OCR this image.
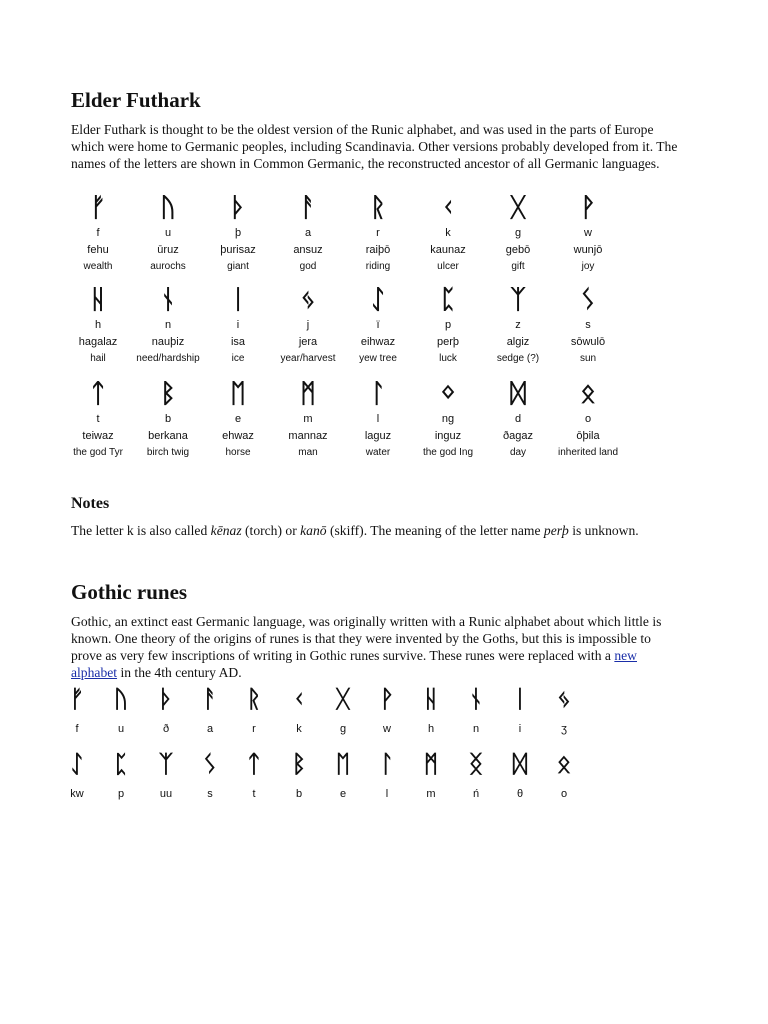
Elder Futhark

Elder Futhark is thought to be the oldest version of the Runic alphabet, and was used in the parts of Europe which were home to Germanic peoples, including Scandinavia. Other versions probably developed from it. The names of the letters are shown in Common Germanic, the reconstructed ancestor of all Germanic languages.

ᚠ
f
fehu
wealth
ᚢ
u
ūruz
aurochs
ᚦ
þ
þurisaz
giant
ᚨ
a
ansuz
god
ᚱ
r
raiþō
riding
ᚲ
k
kaunaz
ulcer
ᚷ
g
gebō
gift
ᚹ
w
wunjō
joy
ᚺ
h
hagalaz
hail
ᚾ
n
nauþiz
need/hardship
ᛁ
i
isa
ice
ᛃ
j
jera
year/harvest
ᛇ
ï
eihwaz
yew tree
ᛈ
p
perþ
luck
ᛉ
z
algiz
sedge (?)
ᛊ
s
sōwulō
sun
ᛏ
t
teiwaz
the god Tyr
ᛒ
b
berkana
birch twig
ᛖ
e
ehwaz
horse
ᛗ
m
mannaz
man
ᛚ
l
laguz
water
ᛜ
ng
inguz
the god Ing
ᛞ
d
ðagaz
day
ᛟ
o
ōþila
inherited land
Notes

The letter k is also called kēnaz (torch) or kanō (skiff). The meaning of the letter name perþ is unknown.

Gothic runes

Gothic, an extinct east Germanic language, was originally written with a Runic alphabet about which little is known. One theory of the origins of runes is that they were invented by the Goths, but this is impossible to prove as very few inscriptions of writing in Gothic runes survive. These runes were replaced with a new alphabet in the 4th century AD.

ᚠ
f
ᚢ
u
ᚦ
ð
ᚨ
a
ᚱ
r
ᚲ
k
ᚷ
g
ᚹ
w
ᚺ
h
ᚾ
n
ᛁ
i
ᛃ
ʒ
ᛇ
kw
ᛈ
p
ᛉ
uu
ᛊ
s
ᛏ
t
ᛒ
b
ᛖ
e
ᛚ
l
ᛗ
m
ᛝ
ń
ᛞ
θ
ᛟ
o
